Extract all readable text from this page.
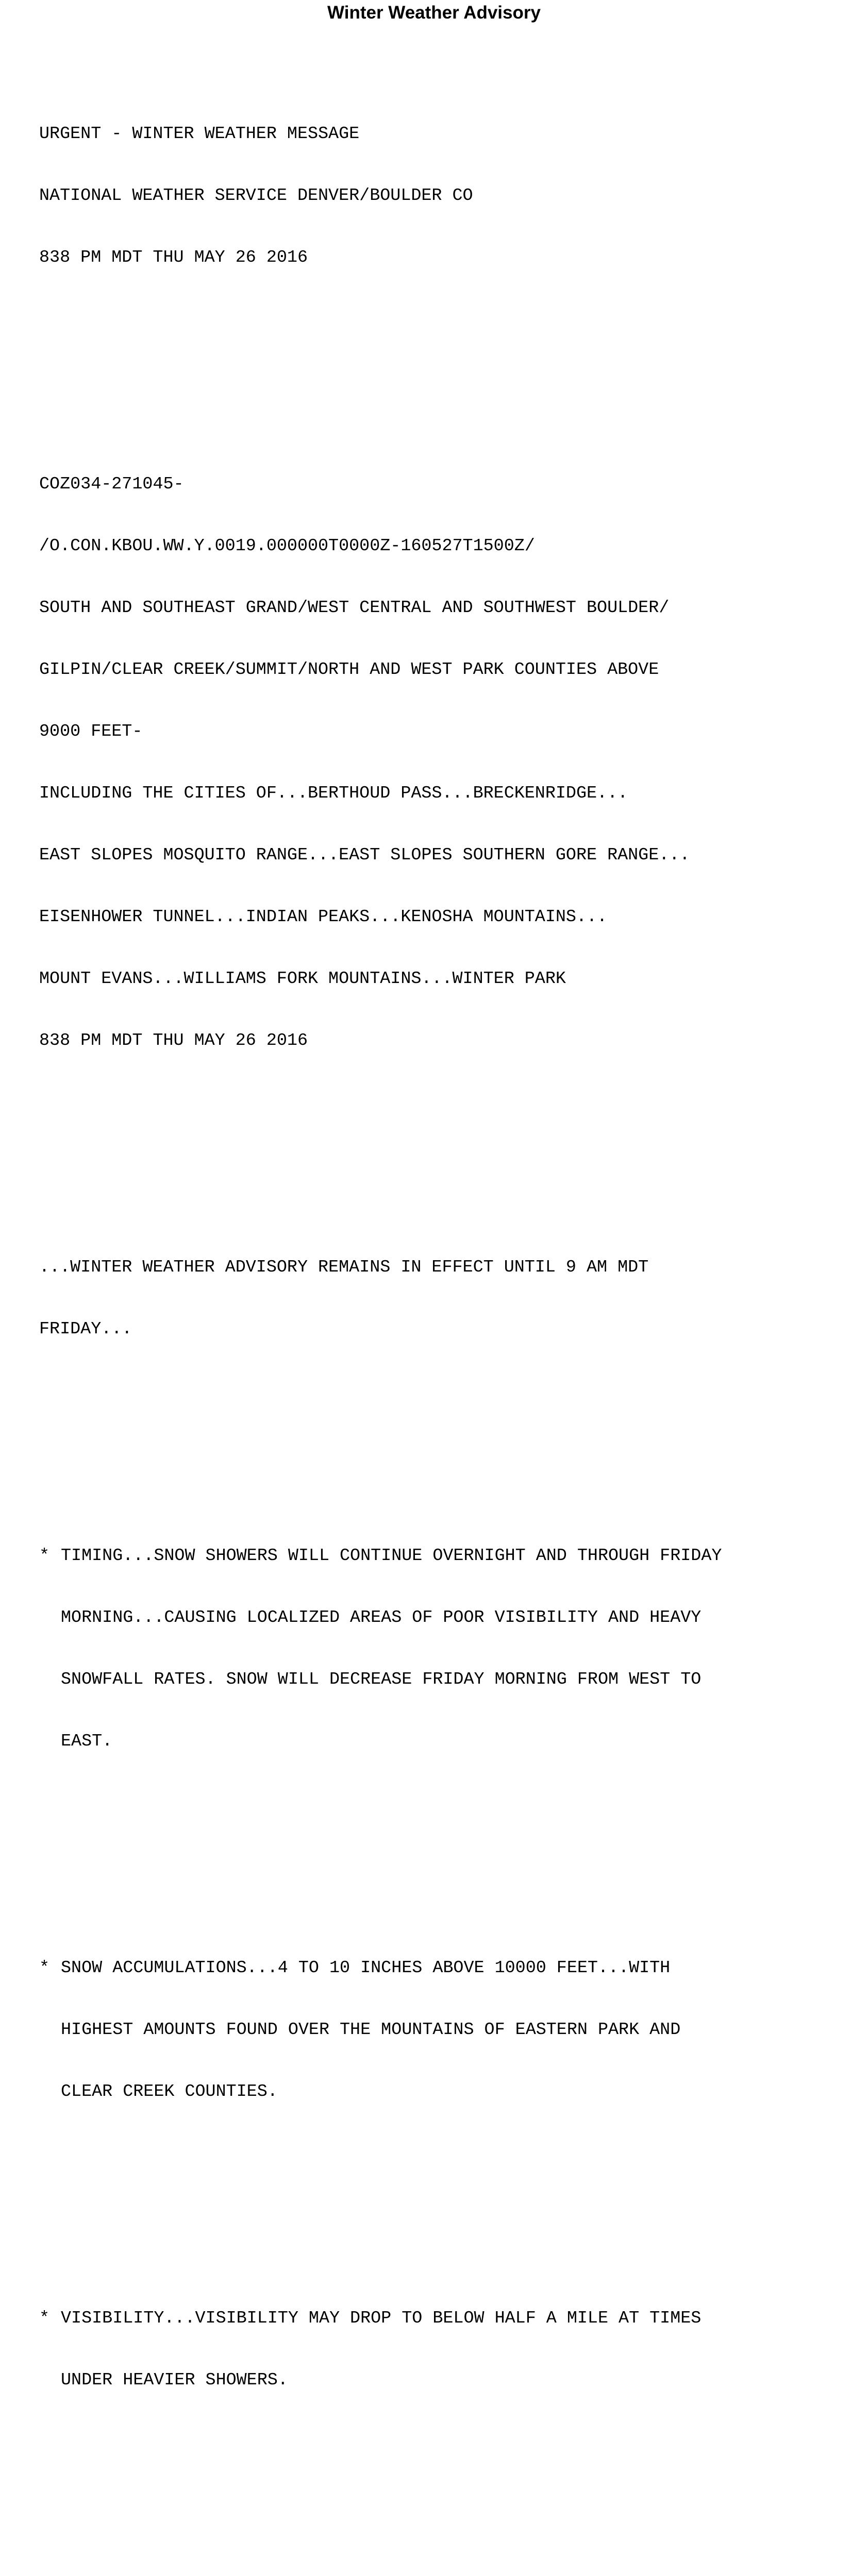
Winter Weather Advisory

URGENT - WINTER WEATHER MESSAGE

NATIONAL WEATHER SERVICE DENVER/BOULDER CO

838 PM MDT THU MAY 26 2016

COZ034-271045-

/O.CON.KBOU.WW.Y.0019.000000T0000Z-160527T1500Z/

SOUTH AND SOUTHEAST GRAND/WEST CENTRAL AND SOUTHWEST BOULDER/

GILPIN/CLEAR CREEK/SUMMIT/NORTH AND WEST PARK COUNTIES ABOVE

9000 FEET-

INCLUDING THE CITIES OF...BERTHOUD PASS...BRECKENRIDGE...

EAST SLOPES MOSQUITO RANGE...EAST SLOPES SOUTHERN GORE RANGE...

EISENHOWER TUNNEL...INDIAN PEAKS...KENOSHA MOUNTAINS...

MOUNT EVANS...WILLIAMS FORK MOUNTAINS...WINTER PARK

838 PM MDT THU MAY 26 2016

...WINTER WEATHER ADVISORY REMAINS IN EFFECT UNTIL 9 AM MDT

FRIDAY...

* TIMING...SNOW SHOWERS WILL CONTINUE OVERNIGHT AND THROUGH FRIDAY

MORNING...CAUSING LOCALIZED AREAS OF POOR VISIBILITY AND HEAVY

SNOWFALL RATES. SNOW WILL DECREASE FRIDAY MORNING FROM WEST TO

EAST.

* SNOW ACCUMULATIONS...4 TO 10 INCHES ABOVE 10000 FEET...WITH

HIGHEST AMOUNTS FOUND OVER THE MOUNTAINS OF EASTERN PARK AND

CLEAR CREEK COUNTIES.

* VISIBILITY...VISIBILITY MAY DROP TO BELOW HALF A MILE AT TIMES

UNDER HEAVIER SHOWERS.
